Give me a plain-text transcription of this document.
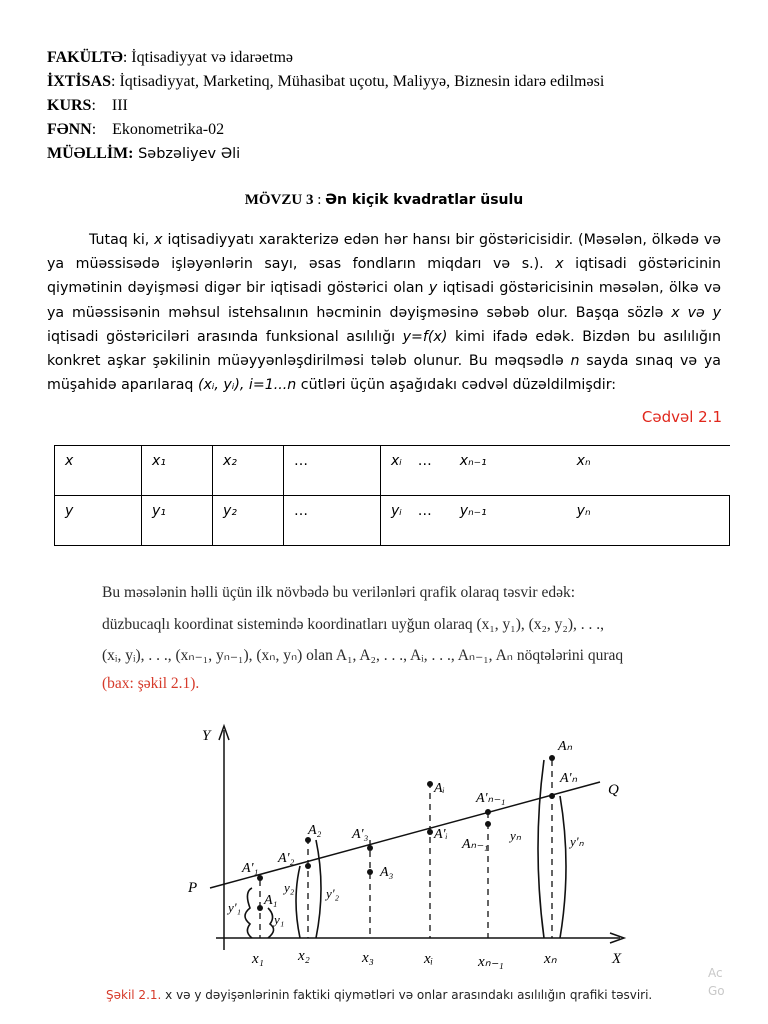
FAKÜLTƏ: İqtisadiyyat və idarəetmə
İXTİSAS: İqtisadiyyat, Marketinq, Mühasibat uçotu, Maliyyə, Biznesin idarə edilməsi
KURS:    III
FƏNN:    Ekonometrika-02
MÜƏLLİM: Səbzəliyev Əli
MÖVZU 3 : Ən kiçik kvadratlar üsulu

Tutaq ki, x iqtisadiyyatı xarakterizə edən hər hansı bir göstəricisidir. (Məsələn, ölkədə və ya müəssisədə işləyənlərin sayı, əsas fondların miqdarı və s.). x iqtisadi göstəricinin qiymətinin dəyişməsi digər bir iqtisadi göstərici olan y iqtisadi göstəricisinin məsələn, ölkə və ya müəssisənin məhsul istehsalının həcminin dəyişməsinə səbəb olur. Başqa sözlə x və y iqtisadi göstəriciləri arasında funksional asılılığı y=f(x) kimi ifadə edək. Bizdən bu asılılığın konkret aşkar şəkilinin müəyyənləşdirilməsi tələb olunur. Bu məqsədlə n sayda sınaq və ya müşahidə aparılaraq (xᵢ, yᵢ), i=1...n cütləri üçün aşağıdakı cədvəl düzəldilmişdir:

Cədvəl 2.1
x	x₁	x₂	…	xᵢ … xₙ₋₁ xₙ
y	y₁	y₂	…	yᵢ … yₙ₋₁ yₙ
Bu məsələnin həlli üçün ilk növbədə bu verilənləri qrafik olaraq təsvir edək:
düzbucaqlı koordinat sistemində koordinatları uyğun olaraq (x₁, y₁), (x₂, y₂), . . .,
(xᵢ, yᵢ), . . ., (xₙ₋₁, yₙ₋₁), (xₙ, yₙ) olan A₁, A₂, . . ., Aᵢ, . . ., Aₙ₋₁, Aₙ nöqtələrini quraq
(bax: şəkil 2.1).
Y
X
P
Q
x₁ x₂	x₃	xᵢ	xₙ₋₁	xₙ
A₁
A'₁
A₂
A'₂
A'₃
A₃
Aᵢ
A'ᵢ
A'ₙ₋₁
Aₙ₋₁
Aₙ
A'ₙ
y'₁
y₁
y₂ y'₂
yₙ	y'ₙ
Şəkil 2.1. x və y dəyişənlərinin faktiki qiymətləri və onlar arasındakı asılılığın qrafiki təsviri.
Ac
Go
